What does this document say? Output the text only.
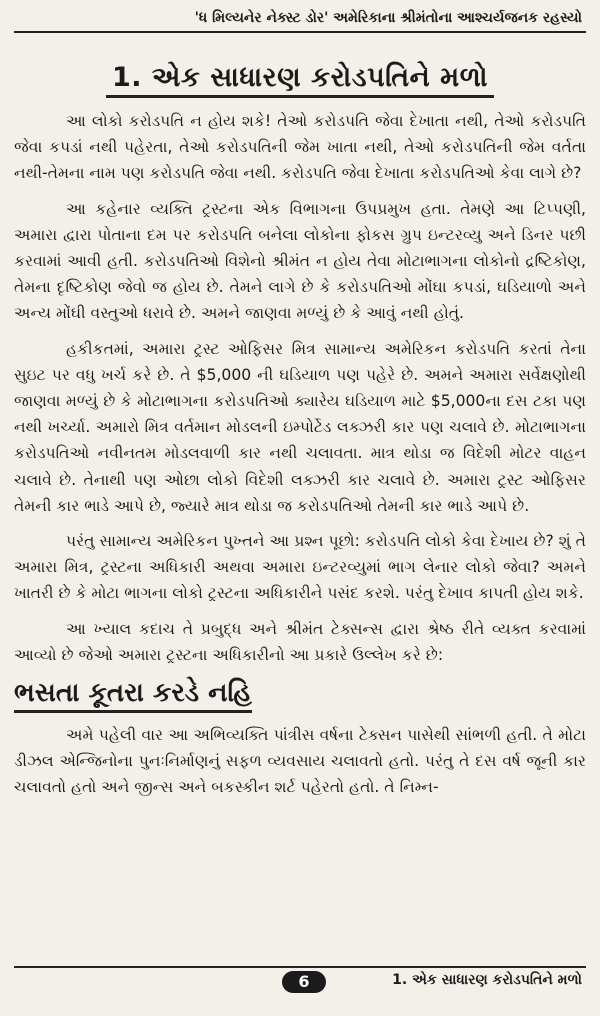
'ધ મિલ્યનેર નેક્સ્ટ ડોર' અમેરિકાના શ્રીમંતોના આશ્ચર્યજનક રહસ્યો
1. એક સાધારણ કરોડપતિને મળો

આ લોકો કરોડપતિ ન હોય શકે! તેઓ કરોડપતિ જેવા દેખાતા નથી, તેઓ કરોડપતિ જેવા કપડાં નથી પહેરતા, તેઓ કરોડપતિની જેમ ખાતા નથી, તેઓ કરોડપતિની જેમ વર્તતા નથી-તેમના નામ પણ કરોડપતિ જેવા નથી. કરોડપતિ જેવા દેખાતા કરોડપતિઓ કેવા લાગે છે?

આ કહેનાર વ્યક્તિ ટ્રસ્ટના એક વિભાગના ઉપપ્રમુખ હતા. તેમણે આ ટિપ્પણી, અમારા દ્વારા પોતાના દમ પર કરોડપતિ બનેલા લોકોના ફોકસ ગ્રુપ ઇન્ટરવ્યુ અને ડિનર પછી કરવામાં આવી હતી. કરોડપતિઓ વિશેનો શ્રીમંત ન હોય તેવા મોટાભાગના લોકોનો દ્રષ્ટિકોણ, તેમના દૃષ્ટિકોણ જેવો જ હોય છે. તેમને લાગે છે કે કરોડપતિઓ મોંઘા કપડાં, ઘડિયાળો અને અન્ય મોંઘી વસ્તુઓ ધરાવે છે. અમને જાણવા મળ્યું છે કે આવું નથી હોતું.

હકીકતમાં, અમારા ટ્રસ્ટ ઓફિસર મિત્ર સામાન્ય અમેરિકન કરોડપતિ કરતાં તેના સુઇટ પર વધુ ખર્ચ કરે છે. તે $5,000 ની ઘડિયાળ પણ પહેરે છે. અમને અમારા સર્વેક્ષણોથી જાણવા મળ્યું છે કે મોટાભાગના કરોડપતિઓ ક્યારેય ઘડિયાળ માટે $5,000ના દસ ટકા પણ નથી ખર્ચ્યા. અમારો મિત્ર વર્તમાન મોડલની ઇમ્પોર્ટેડ લક્ઝરી કાર પણ ચલાવે છે. મોટાભાગના કરોડપતિઓ નવીનતમ મોડલવાળી કાર નથી ચલાવતા. માત્ર થોડા જ વિદેશી મોટર વાહન ચલાવે છે. તેનાથી પણ ઓછા લોકો વિદેશી લક્ઝરી કાર ચલાવે છે. અમારા ટ્રસ્ટ ઓફિસર તેમની કાર ભાડે આપે છે, જ્યારે માત્ર થોડા જ કરોડપતિઓ તેમની કાર ભાડે આપે છે.

પરંતુ સામાન્ય અમેરિકન પુખ્તને આ પ્રશ્ન પૂછો: કરોડપતિ લોકો કેવા દેખાય છે? શું તે અમારા મિત્ર, ટ્રસ્ટના અધિકારી અથવા અમારા ઇન્ટરવ્યુમાં ભાગ લેનાર લોકો જેવા? અમને ખાતરી છે કે મોટા ભાગના લોકો ટ્રસ્ટના અધિકારીને પસંદ કરશે. પરંતુ દેખાવ કાપતી હોય શકે.

આ ખ્યાલ કદાચ તે પ્રબુદ્ધ અને શ્રીમંત ટેક્સન્સ દ્વારા શ્રેષ્ઠ રીતે વ્યક્ત કરવામાં આવ્યો છે જેઓ અમારા ટ્રસ્ટના અધિકારીનો આ પ્રકારે ઉલ્લેખ કરે છે:

ભસતા કૂતરા કરડે નહિ

અમે પહેલી વાર આ અભિવ્યક્તિ પાંત્રીસ વર્ષના ટેક્સન પાસેથી સાંભળી હતી. તે મોટા ડીઝલ એન્જિનોના પુનઃનિર્માણનું સફળ વ્યવસાય ચલાવતો હતો. પરંતુ તે દસ વર્ષ જૂની કાર ચલાવતો હતો અને જીન્સ અને બકસ્કીન શર્ટ પહેરતો હતો. તે નિમ્ન-

6	1. એક સાધારણ કરોડપતિને મળો
